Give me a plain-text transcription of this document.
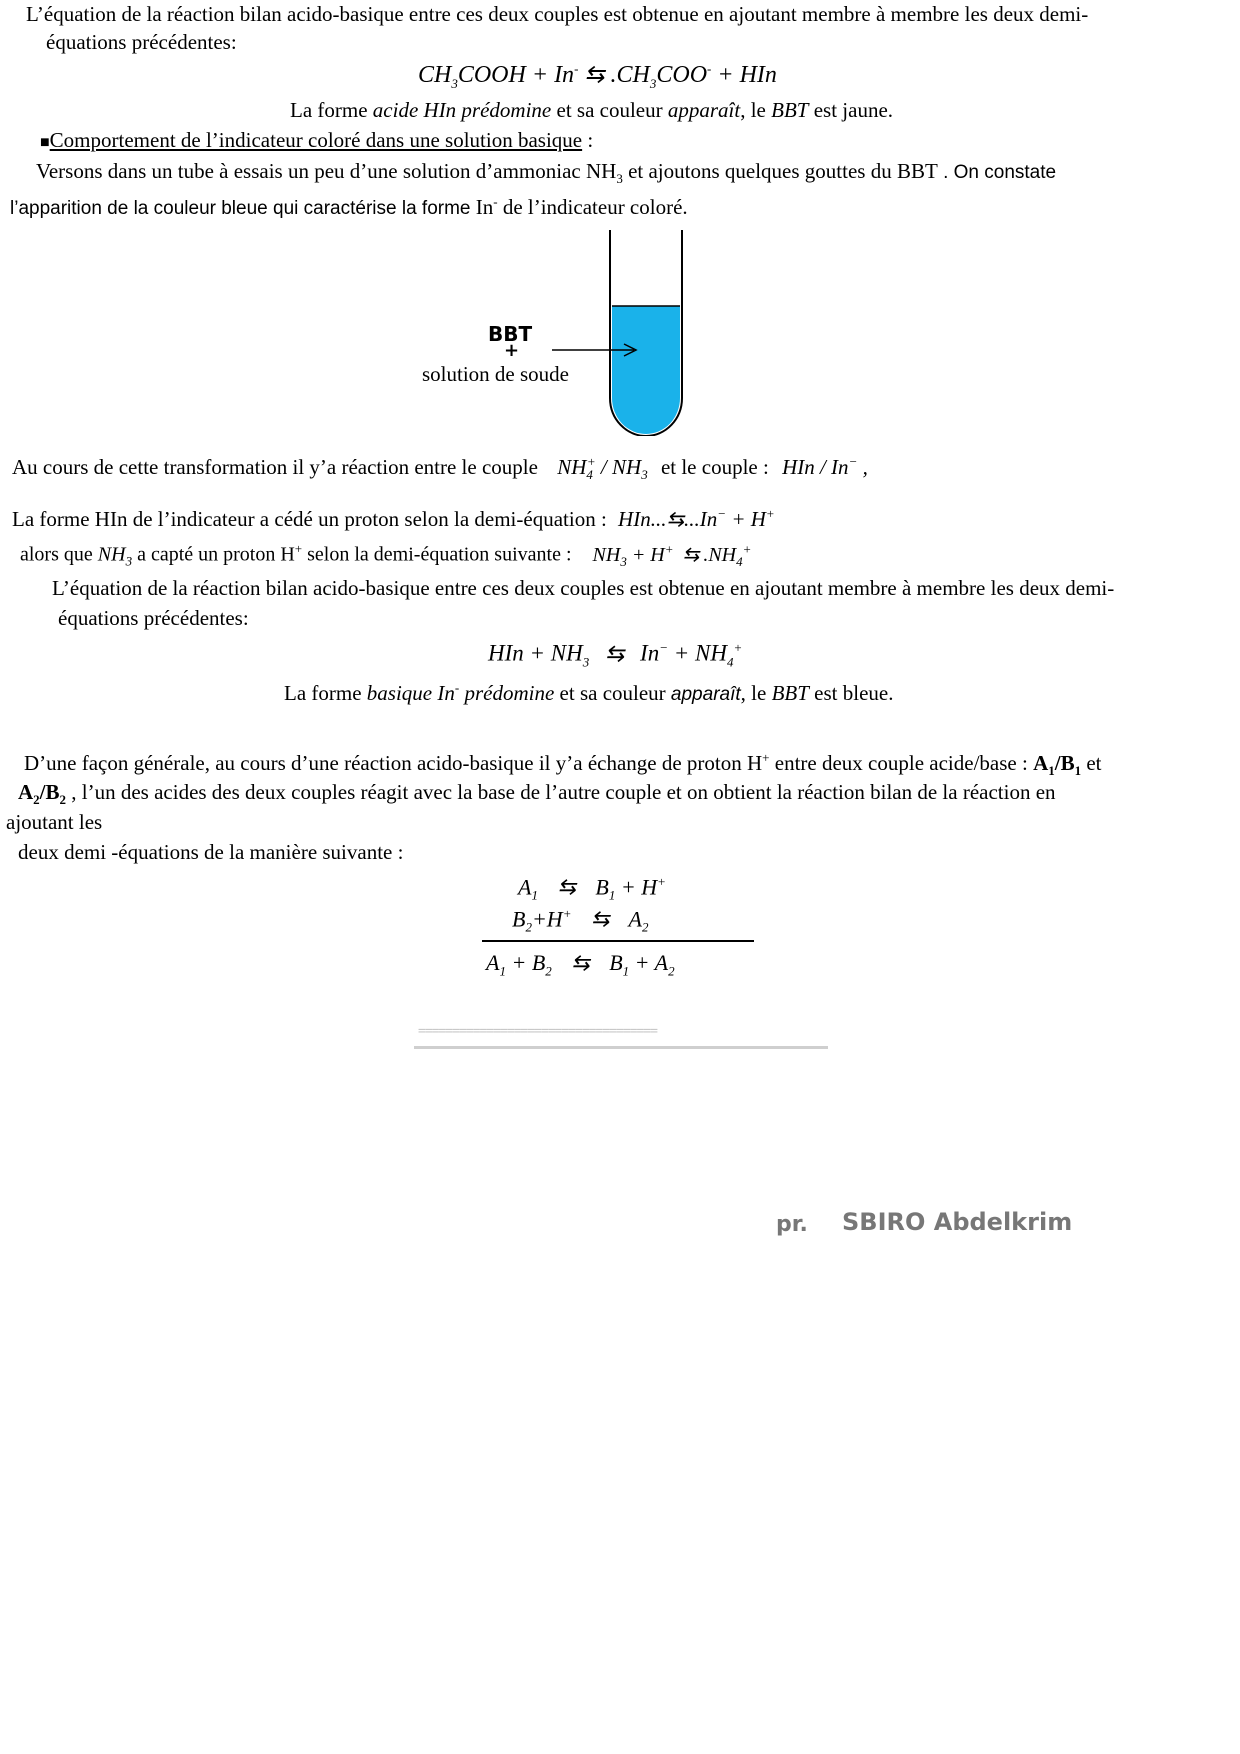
L’équation de la réaction bilan acido-basique entre ces deux couples est obtenue en ajoutant membre à membre les deux demi-
équations précédentes:
$CH_3COOH + In^-$ ⇆ $.CH_3COO^-$ + HIn
La forme acide HIn prédomine et sa couleur apparaît, le BBT est jaune.
■Comportement de l’indicateur coloré dans une solution basique :
Versons dans un tube à essais un peu d’une solution d’ammoniac $NH_3$ et ajoutons quelques gouttes du BBT . On constate
l’apparition de la couleur bleue qui caractérise la forme In- de l’indicateur coloré.
BBT
+
solution de soude
Au cours de cette transformation il y’a réaction entre le couple $NH_4^+ / NH_3$ et le couple : HIn / In− ,
La forme HIn de l’indicateur a cédé un proton selon la demi-équation : HIn...⇆...In− + H+
alors que $NH_3$ a capté un proton H+ selon la demi-équation suivante : $NH_3 + H^+$ ⇆ $.NH_4^+$
L’équation de la réaction bilan acido-basique entre ces deux couples est obtenue en ajoutant membre à membre les deux demi-
équations précédentes:
HIn + $NH_3$ ⇆ $In^- + NH_4^+$
La forme basique In- prédomine et sa couleur apparaît, le BBT est bleue.
D’une façon générale, au cours d’une réaction acido-basique il y’a échange de proton H+ entre deux couple acide/base : $A_1/B_1$ et
$A_2/B_2$ , l’un des acides des deux couples réagit avec la base de l’autre couple et on obtient la réaction bilan de la réaction en
ajoutant les
deux demi -équations de la manière suivante :
$A_1$ ⇆ $B_1 + H^+$
$B_2+H^+$ ⇆ $A_2$
$A_1 + B_2$ ⇆ $B_1 + A_2$
===================================
pr. SBIRO Abdelkrim
